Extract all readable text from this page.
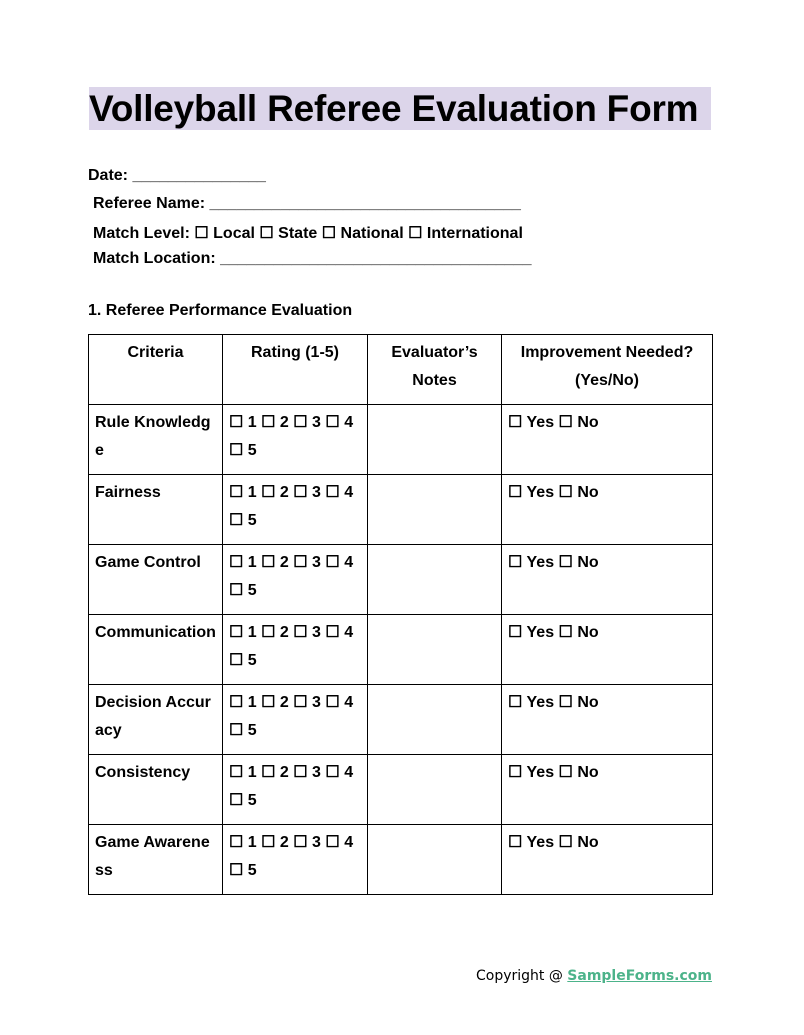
Volleyball Referee Evaluation Form
Date: _______________
Referee Name: ___________________________________
Match Level: ☐ Local ☐ State ☐ National ☐ International
Match Location: ___________________________________
1. Referee Performance Evaluation
Criteria	Rating (1-5)	Evaluator’s Notes	Improvement Needed? (Yes/No)
Rule Knowledge	☐ 1 ☐ 2 ☐ 3 ☐ 4 ☐ 5		☐ Yes ☐ No
Fairness	☐ 1 ☐ 2 ☐ 3 ☐ 4 ☐ 5		☐ Yes ☐ No
Game Control	☐ 1 ☐ 2 ☐ 3 ☐ 4 ☐ 5		☐ Yes ☐ No
Communication	☐ 1 ☐ 2 ☐ 3 ☐ 4 ☐ 5		☐ Yes ☐ No
Decision Accuracy	☐ 1 ☐ 2 ☐ 3 ☐ 4 ☐ 5		☐ Yes ☐ No
Consistency	☐ 1 ☐ 2 ☐ 3 ☐ 4 ☐ 5		☐ Yes ☐ No
Game Awareness	☐ 1 ☐ 2 ☐ 3 ☐ 4 ☐ 5		☐ Yes ☐ No
Copyright @ SampleForms.com
